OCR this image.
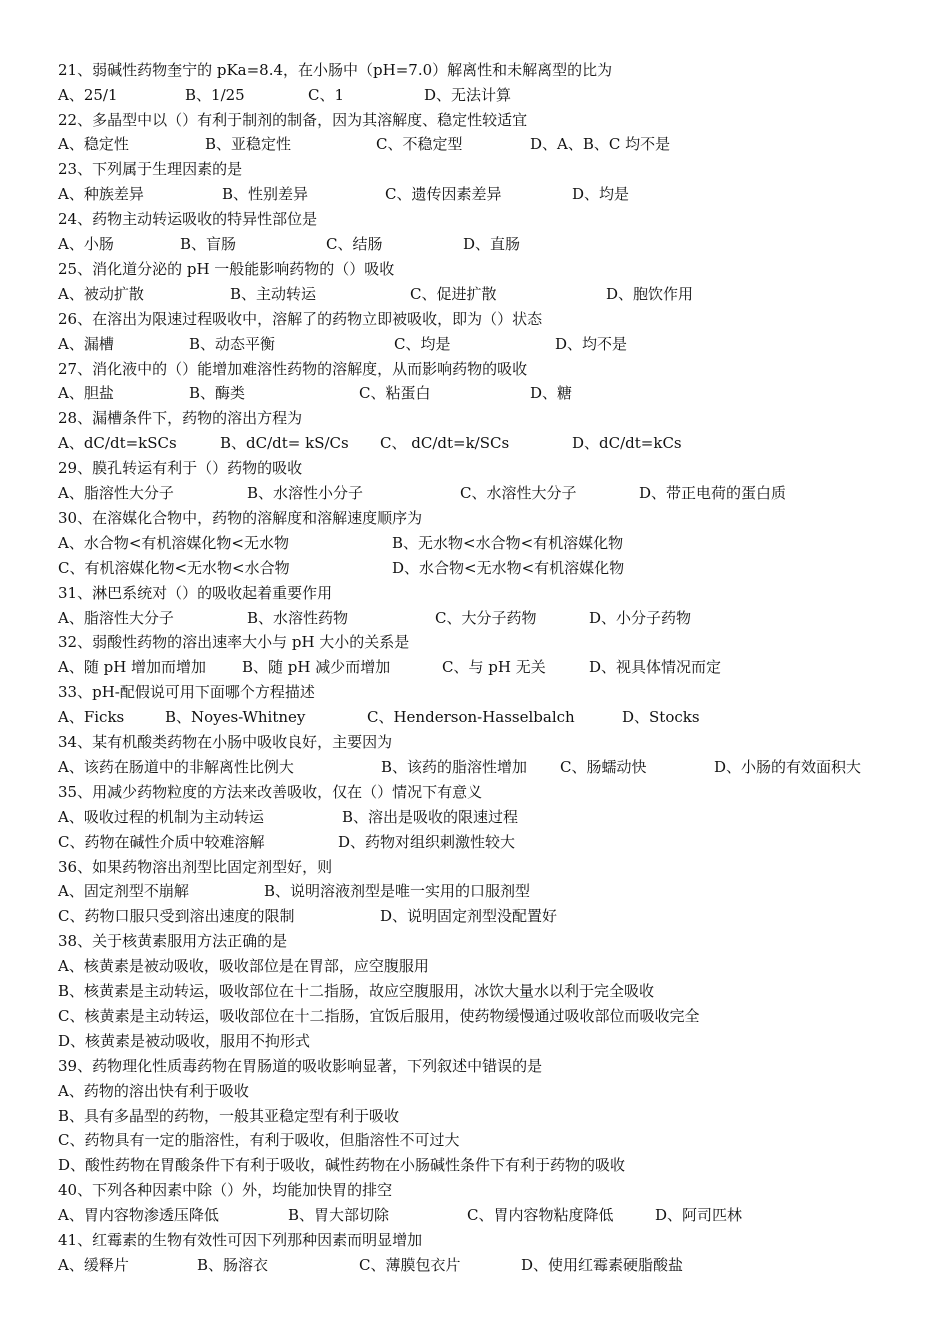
21、弱碱性药物奎宁的 pKa=8.4，在小肠中（pH=7.0）解离性和未解离型的比为
A、25/1	B、1/25	C、1	D、无法计算
22、多晶型中以（）有利于制剂的制备，因为其溶解度、稳定性较适宜
A、稳定性	B、亚稳定性	C、不稳定型	D、A、B、C 均不是
23、下列属于生理因素的是
A、种族差异	B、性别差异	C、遗传因素差异	D、均是
24、药物主动转运吸收的特异性部位是
A、小肠	B、盲肠	C、结肠	D、直肠
25、消化道分泌的 pH 一般能影响药物的（）吸收
A、被动扩散	B、主动转运	C、促进扩散	D、胞饮作用
26、在溶出为限速过程吸收中，溶解了的药物立即被吸收，即为（）状态
A、漏槽	B、动态平衡	C、均是	D、均不是
27、消化液中的（）能增加难溶性药物的溶解度，从而影响药物的吸收
A、胆盐	B、酶类	C、粘蛋白	D、糖
28、漏槽条件下，药物的溶出方程为
A、dC/dt=kSCs	B、dC/dt= kS/Cs C、 dC/dt=k/SCs	D、dC/dt=kCs
29、膜孔转运有利于（）药物的吸收
A、脂溶性大分子	B、水溶性小分子	C、水溶性大分子	D、带正电荷的蛋白质
30、在溶媒化合物中，药物的溶解度和溶解速度顺序为
A、水合物<有机溶媒化物<无水物	B、无水物<水合物<有机溶媒化物
C、有机溶媒化物<无水物<水合物	D、水合物<无水物<有机溶媒化物
31、淋巴系统对（）的吸收起着重要作用
A、脂溶性大分子	B、水溶性药物	C、大分子药物	D、小分子药物
32、弱酸性药物的溶出速率大小与 pH 大小的关系是
A、随 pH 增加而增加 B、随 pH 减少而增加	C、与 pH 无关	D、视具体情况而定
33、pH-配假说可用下面哪个方程描述
A、Ficks	B、Noyes-Whitney	C、Henderson-Hasselbalch	D、Stocks
34、某有机酸类药物在小肠中吸收良好，主要因为
A、该药在肠道中的非解离性比例大	B、该药的脂溶性增加 C、肠蠕动快	D、小肠的有效面积大
35、用减少药物粒度的方法来改善吸收，仅在（）情况下有意义
A、吸收过程的机制为主动转运	B、溶出是吸收的限速过程
C、药物在碱性介质中较难溶解	D、药物对组织刺激性较大
36、如果药物溶出剂型比固定剂型好，则
A、固定剂型不崩解	B、说明溶液剂型是唯一实用的口服剂型
C、药物口服只受到溶出速度的限制	D、说明固定剂型没配置好
38、关于核黄素服用方法正确的是
A、核黄素是被动吸收，吸收部位是在胃部，应空腹服用
B、核黄素是主动转运，吸收部位在十二指肠，故应空腹服用，冰饮大量水以利于完全吸收
C、核黄素是主动转运，吸收部位在十二指肠，宜饭后服用，使药物缓慢通过吸收部位而吸收完全
D、核黄素是被动吸收，服用不拘形式
39、药物理化性质毒药物在胃肠道的吸收影响显著，下列叙述中错误的是
A、药物的溶出快有利于吸收
B、具有多晶型的药物，一般其亚稳定型有利于吸收
C、药物具有一定的脂溶性，有利于吸收，但脂溶性不可过大
D、酸性药物在胃酸条件下有利于吸收，碱性药物在小肠碱性条件下有利于药物的吸收
40、下列各种因素中除（）外，均能加快胃的排空
A、胃内容物渗透压降低	B、胃大部切除	C、胃内容物粘度降低	D、阿司匹林
41、红霉素的生物有效性可因下列那种因素而明显增加
A、缓释片	B、肠溶衣	C、薄膜包衣片	D、使用红霉素硬脂酸盐
